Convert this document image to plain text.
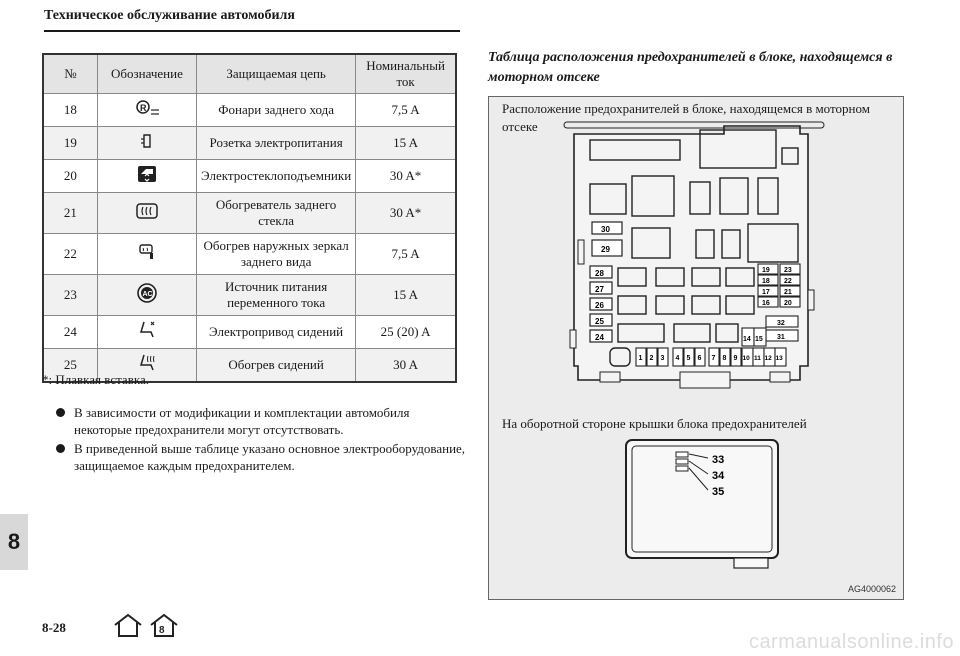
Техническое обслуживание автомобиля
№	Обозначение	Защищаемая цепь	Номинальный ток
18	R	Фонари заднего хода	7,5 A
19		Розетка электропитания	15 A
20		Электростеклоподъемники	30 A*
21		Обогреватель заднего стекла	30 A*
22		Обогрев наружных зеркал заднего вида	7,5 A
23	AC	Источник питания переменного тока	15 A
24		Электропривод сидений	25 (20) A
25		Обогрев сидений	30 A
*: Плавкая вставка.
В зависимости от модификации и комплектации автомобиля некоторые предохранители могут отсутствовать.
В приведенной выше таблице указано основное электрооборудование, защищаемое каждым предохранителем.
Таблица расположения предохранителей в блоке, находящемся в моторном отсеке
30
29
28
27
26
25
24
19 23
18 22
17 21
16 20
32
31
14 15
1 2 3 4 5 6 7 8 9 10 11 12 13
33
34
35
Расположение предохранителей в блоке, находящемся в моторном отсеке
На оборотной стороне крышки блока предохранителей
AG4000062
8
8-28	8
carmanualsonline.info
